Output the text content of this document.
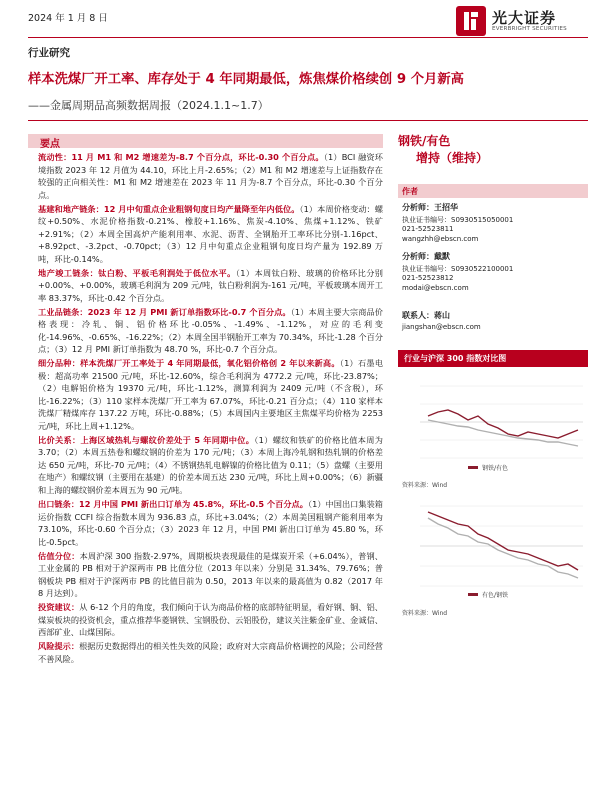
2024 年 1 月 8 日	光大证券
EVERBRIGHT SECURITIES
行业研究
样本洗煤厂开工率、库存处于 4 年同期最低，炼焦煤价格续创 9 个月新高
——金属周期品高频数据周报（2024.1.1~1.7）
要点

流动性：11 月 M1 和 M2 增速差为-8.7 个百分点，环比-0.30 个百分点。（1）BCI 融资环境指数 2023 年 12 月值为 44.10，环比上月-2.65%；（2）M1 和 M2 增速差与上证指数存在较强的正向相关性：M1 和 M2 增速差在 2023 年 11 月为-8.7 个百分点，环比-0.30 个百分点。

基建和地产链条：12 月中旬重点企业粗钢旬度日均产量降至年内低位。（1）本周价格变动：螺纹+0.50%、水泥价格指数-0.21%、橡胶+1.16%、焦炭-4.10%、焦煤+1.12%、铁矿+2.91%；（2）本周全国高炉产能利用率、水泥、沥青、全钢胎开工率环比分别-1.16pct、+8.92pct、-3.2pct、-0.70pct；（3）12 月中旬重点企业粗钢旬度日均产量为 192.89 万吨，环比-0.14%。

地产竣工链条：钛白粉、平板毛利润处于低位水平。（1）本周钛白粉、玻璃的价格环比分别+0.00%、+0.00%，玻璃毛利润为 209 元/吨，钛白粉利润为-161 元/吨，平板玻璃本周开工率 83.37%，环比-0.42 个百分点。

工业品链条：2023 年 12 月 PMI 新订单指数环比-0.7 个百分点。（1）本周主要大宗商品价格表现：冷轧、铜、铝价格环比-0.05%、-1.49%、-1.12%，对应的毛利变化-14.96%、-0.65%、-16.22%；（2）本周全国半钢胎开工率为 70.34%，环比-1.28 个百分点；（3）12 月 PMI 新订单指数为 48.70 %，环比-0.7 个百分点。

细分品种：样本洗煤厂开工率处于 4 年同期最低，氧化铝价格创 2 年以来新高。（1）石墨电极：超高功率 21500 元/吨，环比-12.60%，综合毛利润为 4772.2 元/吨，环比-23.87%；（2）电解铝价格为 19370 元/吨，环比-1.12%，测算利润为 2409 元/吨（不含税），环比-16.22%；（3）110 家样本洗煤厂开工率为 67.07%，环比-0.21 百分点；（4）110 家样本洗煤厂精煤库存 137.22 万吨，环比-0.88%；（5）本周国内主要地区主焦煤平均价格为 2253 元/吨，环比上周+1.12%。

比价关系：上海区域热轧与螺纹价差处于 5 年同期中位。（1）螺纹和铁矿的价格比值本周为 3.70；（2）本周五热卷和螺纹钢的价差为 170 元/吨；（3）本周上海冷轧钢和热轧钢的价格差达 650 元/吨，环比-70 元/吨；（4）不锈钢热轧电解镍的价格比值为 0.11；（5）盘螺（主要用在地产）和螺纹钢（主要用在基建）的价差本周五达 230 元/吨，环比上周+0.00%；（6）新疆和上海的螺纹钢价差本周五为 90 元/吨。

出口链条：12 月中国 PMI 新出口订单为 45.8%，环比-0.5 个百分点。（1）中国出口集装箱运价指数 CCFI 综合指数本周为 936.83 点，环比+3.04%；（2）本周美国粗钢产能利用率为 73.10%，环比-0.60 个百分点；（3）2023 年 12 月，中国 PMI 新出口订单为 45.80 %，环比-0.5pct。

估值分位：本周沪深 300 指数-2.97%，周期板块表现最佳的是煤炭开采（+6.04%），普钢、工业金属的 PB 相对于沪深两市 PB 比值分位（2013 年以来）分别是 31.34%、79.76%；普钢板块 PB 相对于沪深两市 PB 的比值目前为 0.50，2013 年以来的最高值为 0.82（2017 年 8 月达到）。

投资建议：从 6-12 个月的角度，我们倾向于认为商品价格的底部特征明显，看好钢、铜、铝、煤炭板块的投资机会，重点推荐华菱钢铁、宝钢股份、云铝股份，建议关注紫金矿业、金诚信、西部矿业、山煤国际。

风险提示：根据历史数据得出的相关性失效的风险；政府对大宗商品价格调控的风险；公司经营不善风险。

钢铁/有色
增持（维持）
作者
分析师：王招华
执业证书编号：S0930515050001
021-52523811
wangzhh@ebscn.com
分析师：戴默
执业证书编号：S0930522100001
021-52523812
modai@ebscn.com
联系人：蒋山
jiangshan@ebscn.com
行业与沪深 300 指数对比图
钢铁/有色
资料来源：Wind
有色/钢铁
资料来源：Wind
